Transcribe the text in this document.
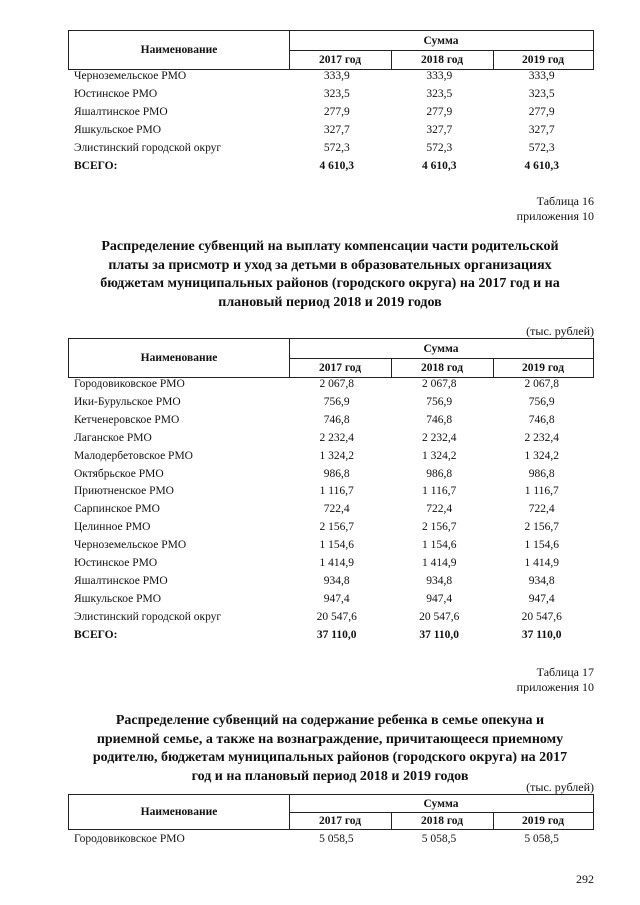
Наименование
Сумма
2017 год	2018 год	2019 год
Черноземельское РМО	333,9	333,9	333,9
Юстинское РМО	323,5	323,5	323,5
Яшалтинское РМО	277,9	277,9	277,9
Яшкульское РМО	327,7	327,7	327,7
Элистинский городской округ	572,3	572,3	572,3
ВСЕГО:	4 610,3	4 610,3	4 610,3
Таблица 16
приложения 10
Распределение субвенций на выплату компенсации части родительской
платы за присмотр и уход за детьми в образовательных организациях
бюджетам муниципальных районов (городского округа) на 2017 год и на
плановый период 2018 и 2019 годов
(тыс. рублей)
Наименование
Сумма
2017 год	2018 год	2019 год
Городовиковское РМО	2 067,8	2 067,8	2 067,8
Ики-Бурульское РМО	756,9	756,9	756,9
Кетченеровское РМО	746,8	746,8	746,8
Лаганское РМО	2 232,4	2 232,4	2 232,4
Малодербетовское РМО	1 324,2	1 324,2	1 324,2
Октябрьское РМО	986,8	986,8	986,8
Приютненское РМО	1 116,7	1 116,7	1 116,7
Сарпинское РМО	722,4	722,4	722,4
Целинное РМО	2 156,7	2 156,7	2 156,7
Черноземельское РМО	1 154,6	1 154,6	1 154,6
Юстинское РМО	1 414,9	1 414,9	1 414,9
Яшалтинское РМО	934,8	934,8	934,8
Яшкульское РМО	947,4	947,4	947,4
Элистинский городской округ	20 547,6	20 547,6	20 547,6
ВСЕГО:	37 110,0	37 110,0	37 110,0
Таблица 17
приложения 10
Распределение субвенций на содержание ребенка в семье опекуна и
приемной семье, а также на вознаграждение, причитающееся приемному
родителю, бюджетам муниципальных районов (городского округа) на 2017
год и на плановый период 2018 и 2019 годов
(тыс. рублей)
Наименование
Сумма
2017 год	2018 год	2019 год
Городовиковское РМО	5 058,5	5 058,5	5 058,5
292
